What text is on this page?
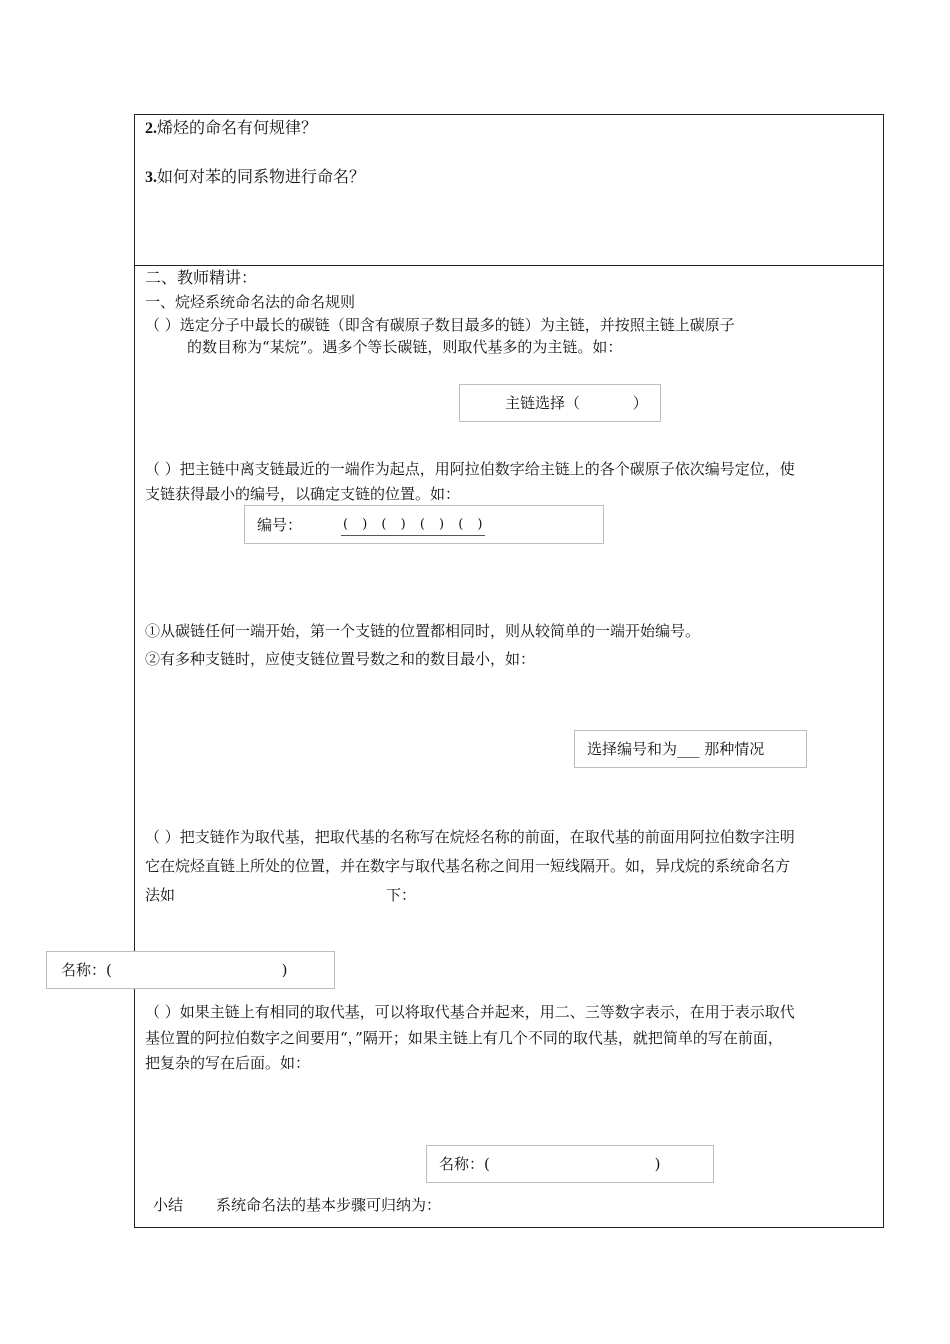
2.烯烃的命名有何规律？
3.如何对苯的同系物进行命名？
二、教师精讲：
一、烷烃系统命名法的命名规则
（ ）选定分子中最长的碳链（即含有碳原子数目最多的链）为主链，并按照主链上碳原子
的数目称为“某烷”。遇多个等长碳链，则取代基多的为主链。如：
主链选择（ ）
（ ）把主链中离支链最近的一端作为起点，用阿拉伯数字给主链上的各个碳原子依次编号定位，使
支链获得最小的编号，以确定支链的位置。如：
编号：	( ) ( ) ( ) ( )
①从碳链任何一端开始，第一个支链的位置都相同时，则从较简单的一端开始编号。
②有多种支链时，应使支链位置号数之和的数目最小，如：
选择编号和为___ 那种情况
（ ）把支链作为取代基，把取代基的名称写在烷烃名称的前面，在取代基的前面用阿拉伯数字注明
它在烷烃直链上所处的位置，并在数字与取代基名称之间用一短线隔开。如，异戊烷的系统命名方
法如	下：
名称：( )
（ ）如果主链上有相同的取代基，可以将取代基合并起来，用二、三等数字表示，在用于表示取代
基位置的阿拉伯数字之间要用“，”隔开；如果主链上有几个不同的取代基，就把简单的写在前面，
把复杂的写在后面。如：
名称：( )
小结 系统命名法的基本步骤可归纳为：
